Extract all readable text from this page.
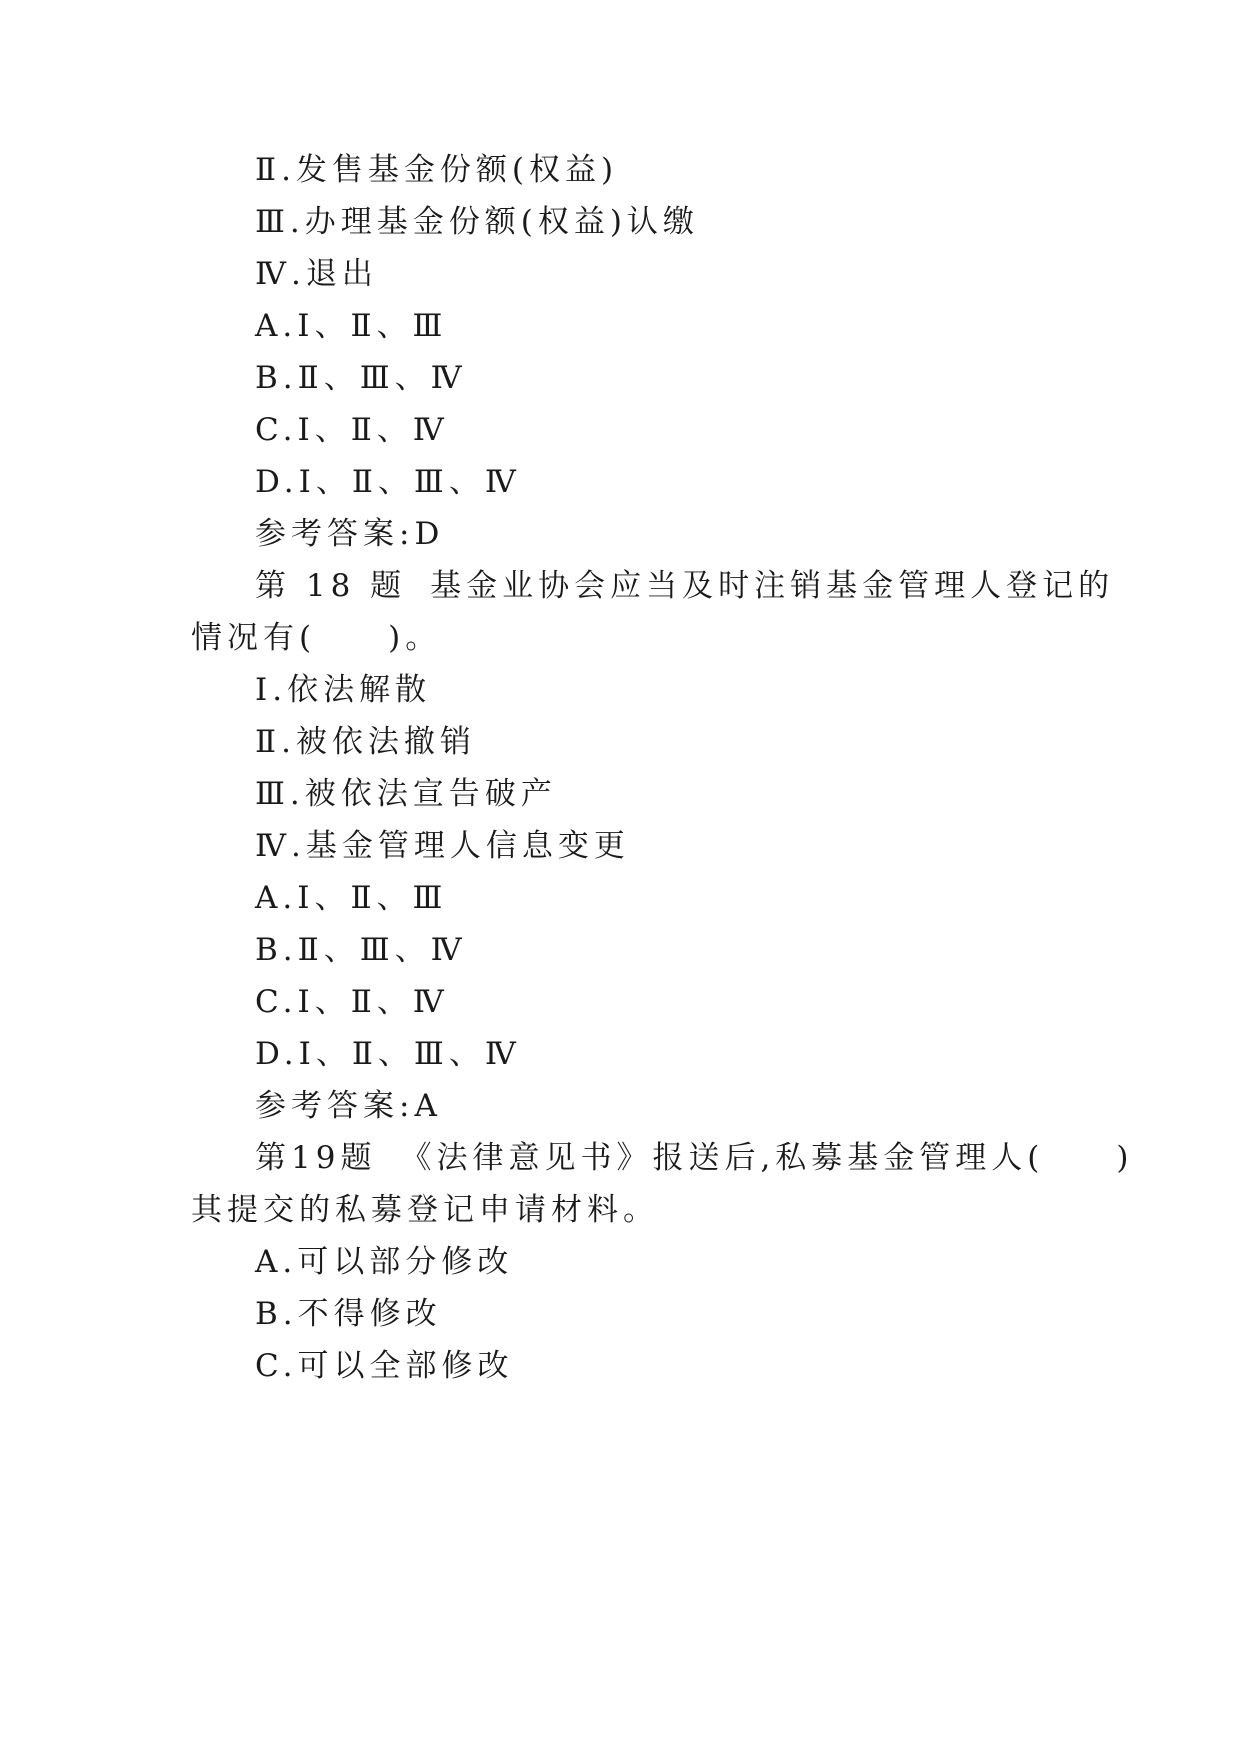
Ⅱ.发售基金份额(权益)
Ⅲ.办理基金份额(权益)认缴
Ⅳ.退出
A.Ⅰ、Ⅱ、Ⅲ
B.Ⅱ、Ⅲ、Ⅳ
C.Ⅰ、Ⅱ、Ⅳ
D.Ⅰ、Ⅱ、Ⅲ、Ⅳ
参考答案:D
第 18 题 基金业协会应当及时注销基金管理人登记的
情况有(　　)。
Ⅰ.依法解散
Ⅱ.被依法撤销
Ⅲ.被依法宣告破产
Ⅳ.基金管理人信息变更
A.Ⅰ、Ⅱ、Ⅲ
B.Ⅱ、Ⅲ、Ⅳ
C.Ⅰ、Ⅱ、Ⅳ
D.Ⅰ、Ⅱ、Ⅲ、Ⅳ
参考答案:A
第19题 《法律意见书》报送后,私募基金管理人(　　)
其提交的私募登记申请材料。
A.可以部分修改
B.不得修改
C.可以全部修改
